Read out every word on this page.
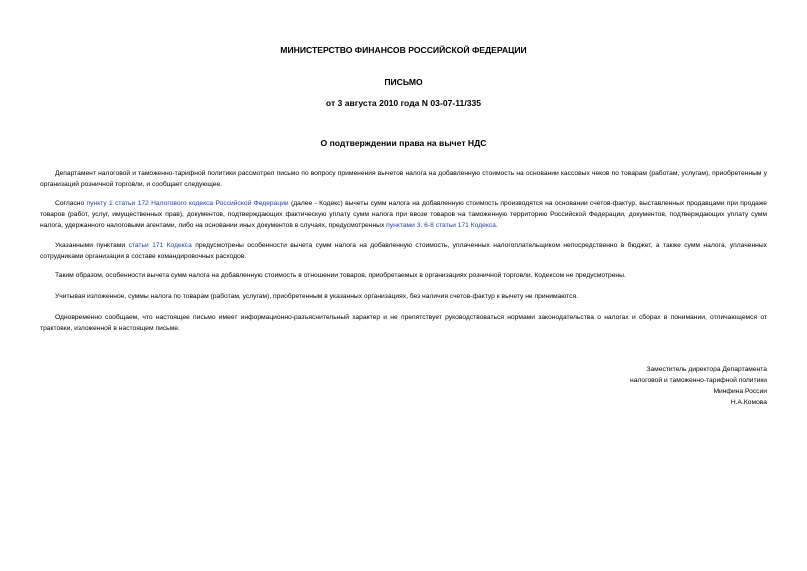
МИНИСТЕРСТВО ФИНАНСОВ РОССИЙСКОЙ ФЕДЕРАЦИИ
ПИСЬМО
от 3 августа 2010 года N 03-07-11/335
О подтверждении права на вычет НДС

Департамент налоговой и таможенно-тарифной политики рассмотрел письмо по вопросу применения вычетов налога на добавленную стоимость на основании кассовых чеков по товарам (работам, услугам), приобретенным у организаций розничной торговли, и сообщает следующее.

Согласно пункту 1 статьи 172 Налогового кодекса Российской Федерации (далее - Кодекс) вычеты сумм налога на добавленную стоимость производятся на основании счетов-фактур, выставленных продавцами при продаже товаров (работ, услуг, имущественных прав), документов, подтверждающих фактическую уплату сумм налога при ввозе товаров на таможенную территорию Российской Федерации, документов, подтверждающих уплату сумм налога, удержанного налоговыми агентами, либо на основании иных документов в случаях, предусмотренных пунктами 3, 6-8 статьи 171 Кодекса.

Указанными пунктами статьи 171 Кодекса предусмотрены особенности вычета сумм налога на добавленную стоимость, уплаченных налогоплательщиком непосредственно в бюджет, а также сумм налога, уплаченных сотрудниками организации в составе командировочных расходов.

Таким образом, особенности вычета сумм налога на добавленную стоимость в отношении товаров, приобретаемых в организациях розничной торговли, Кодексом не предусмотрены.

Учитывая изложенное, суммы налога по товарам (работам, услугам), приобретенным в указанных организациях, без наличия счетов-фактур к вычету не принимаются.

Одновременно сообщаем, что настоящее письмо имеет информационно-разъяснительный характер и не препятствует руководствоваться нормами законодательства о налогах и сборах в понимании, отличающемся от трактовки, изложенной в настоящем письме.

Заместитель директора Департамента
налоговой и таможенно-тарифной политики
Минфина России
Н.А.Комова
